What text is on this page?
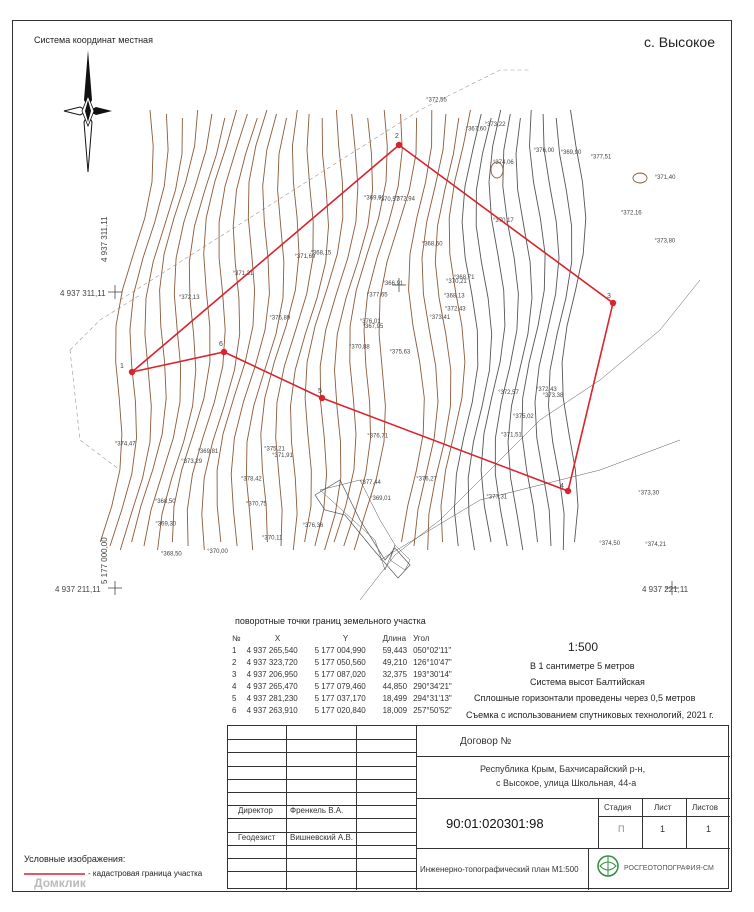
°375,63
°367,95
°368,50
°370,21
°371,91
°373,22
°372,94
°374,06
°373,41
°374,21
°372,13
°371,40
°370,88
°370,17
°370,00
°369,91
°368,60
°369,81
°368,15
°369,30
°370,75
°370,57
°368,71
°373,38
°372,57
°373,80
°376,01
°377,44
°377,65
°376,00
°375,21
°374,50
°373,30
°372,43
°372,55
°371,69
°371,31
°371,51
°370,11
°368,13
°368,50
°369,01
°372,43
°373,29
°372,16
°375,02
°377,31
°378,42	°376,27
°377,51
°376,89
°369,90
°367,60
°366,91
°374,47
°376,71
°376,36
1
2
3
4
5
6
Система координат местная	с. Высокое
4 937 311,11
4 937 311,11
5 177 000,00
4 937 211,11	4 937 221,11
поворотные точки границ земельного участка
№	X	Y	Длина	Угол
1	4 937 265,540	5 177 004,990	59,443	050°02'11"
2	4 937 323,720	5 177 050,560	49,210	126°10'47"
3	4 937 206,950	5 177 087,020	32,375	193°30'14"
4	4 937 265,470	5 177 079,460	44,850	290°34'21"
5	4 937 281,230	5 177 037,170	18,499	294°31'13"
6	4 937 263,910	5 177 020,840	18,009	257°50'52"
1:500
В 1 сантиметре 5 метров
Система высот Балтийская
Сплошные горизонтали проведены через 0,5 метров
Съемка с использованием спутниковых технологий, 2021 г.
Договор №
Республика Крым, Бахчисарайский р-н,
с Высокое, улица Школьная, 44-а
Директор Френкель В.А.
Геодезист Вишневский А.В.
90:01:020301:98
Стадия	Лист	Листов
П	1	1
Инженерно-топографический план М1:500	РОСГЕОТОПОГРАФИЯ-СМ
Условные изображения:
- кадастровая граница участка
Домклик
